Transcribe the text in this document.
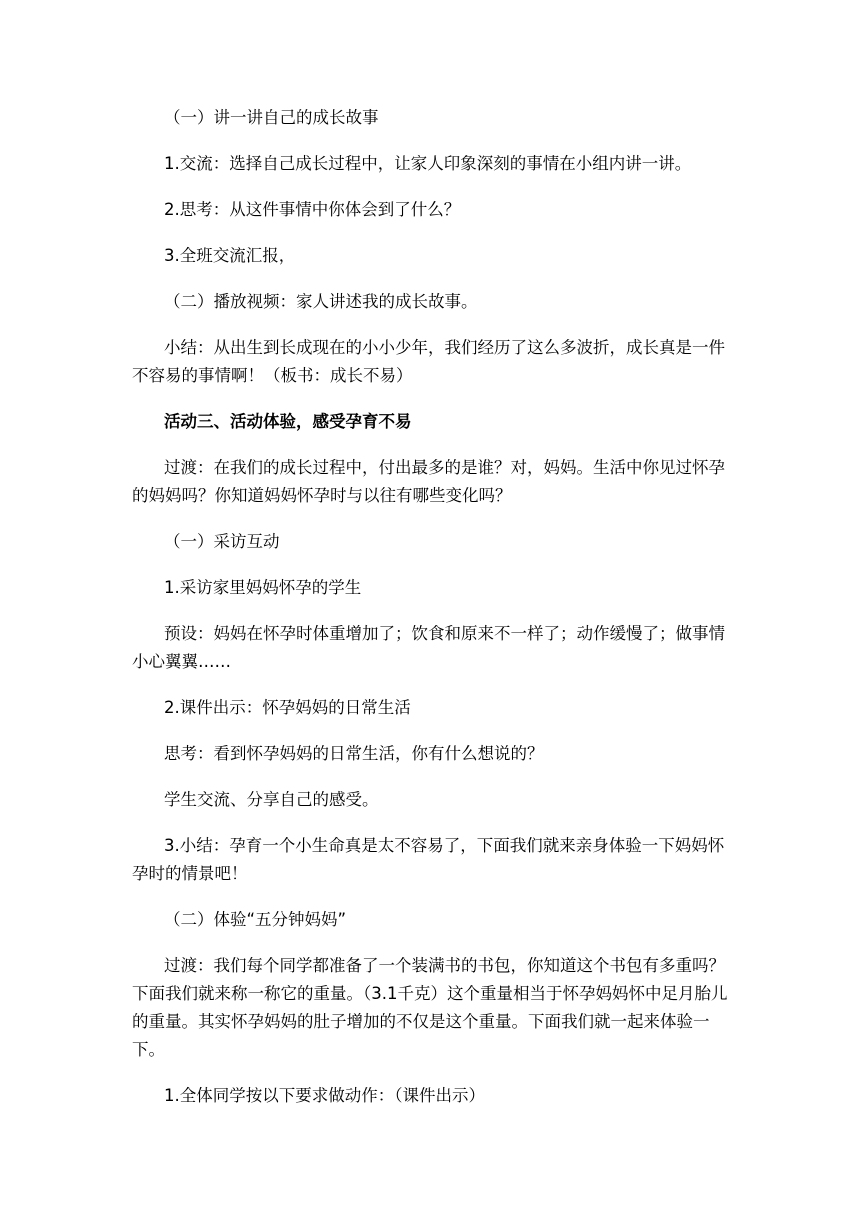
（一）讲一讲自己的成长故事

1.交流：选择自己成长过程中，让家人印象深刻的事情在小组内讲一讲。

2.思考：从这件事情中你体会到了什么？

3.全班交流汇报，

（二）播放视频：家人讲述我的成长故事。

小结：从出生到长成现在的小小少年，我们经历了这么多波折，成长真是一件不容易的事情啊！（板书：成长不易）

活动三、活动体验，感受孕育不易

过渡：在我们的成长过程中，付出最多的是谁？对，妈妈。生活中你见过怀孕的妈妈吗？你知道妈妈怀孕时与以往有哪些变化吗？

（一）采访互动

1.采访家里妈妈怀孕的学生

预设：妈妈在怀孕时体重增加了；饮食和原来不一样了；动作缓慢了；做事情小心翼翼……

2.课件出示：怀孕妈妈的日常生活

思考：看到怀孕妈妈的日常生活，你有什么想说的？

学生交流、分享自己的感受。

3.小结：孕育一个小生命真是太不容易了，下面我们就来亲身体验一下妈妈怀孕时的情景吧！

（二）体验“五分钟妈妈”

过渡：我们每个同学都准备了一个装满书的书包，你知道这个书包有多重吗？下面我们就来称一称它的重量。（3.1千克）这个重量相当于怀孕妈妈怀中足月胎儿的重量。其实怀孕妈妈的肚子增加的不仅是这个重量。下面我们就一起来体验一下。

1.全体同学按以下要求做动作：（课件出示）
